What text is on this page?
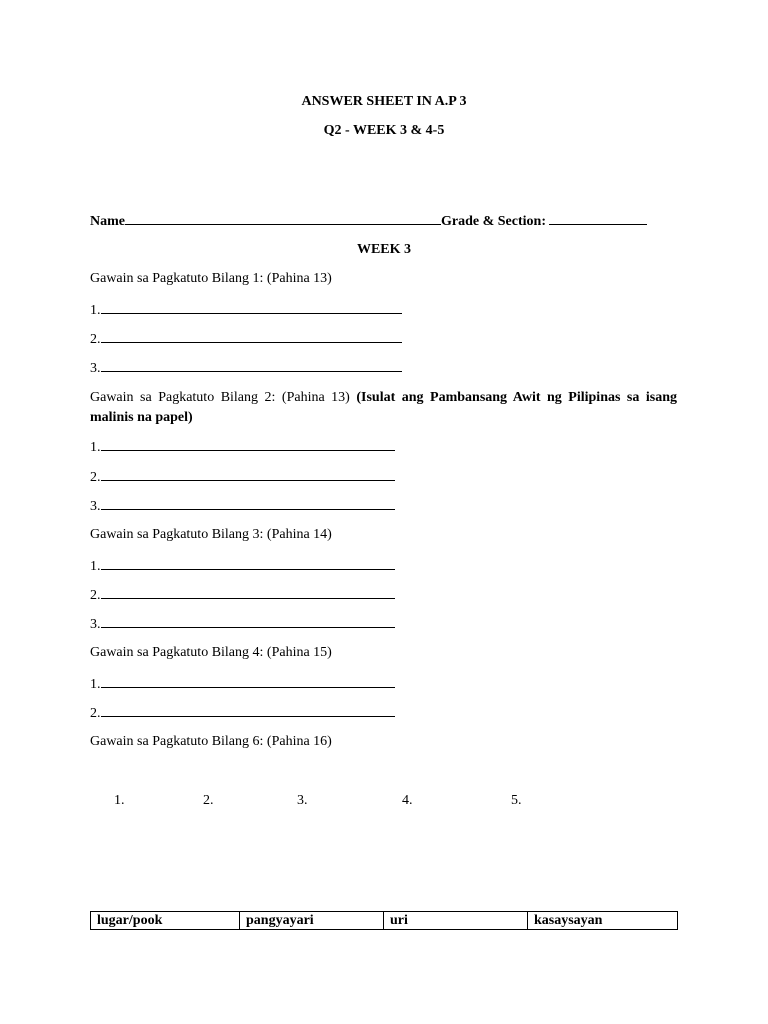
ANSWER SHEET IN A.P 3
Q2 - WEEK 3 & 4-5
Name	Grade & Section:
WEEK 3
Gawain sa Pagkatuto Bilang 1: (Pahina 13)
1.
2.
3.
Gawain sa Pagkatuto Bilang 2: (Pahina 13) (Isulat ang Pambansang Awit ng Pilipinas sa isang malinis na papel)
1.
2.
3.
Gawain sa Pagkatuto Bilang 3: (Pahina 14)
1.
2.
3.
Gawain sa Pagkatuto Bilang 4: (Pahina 15)
1.
2.
Gawain sa Pagkatuto Bilang 6: (Pahina 16)
1.	2.	3.	4.	5.
lugar/pook	pangyayari	uri	kasaysayan
